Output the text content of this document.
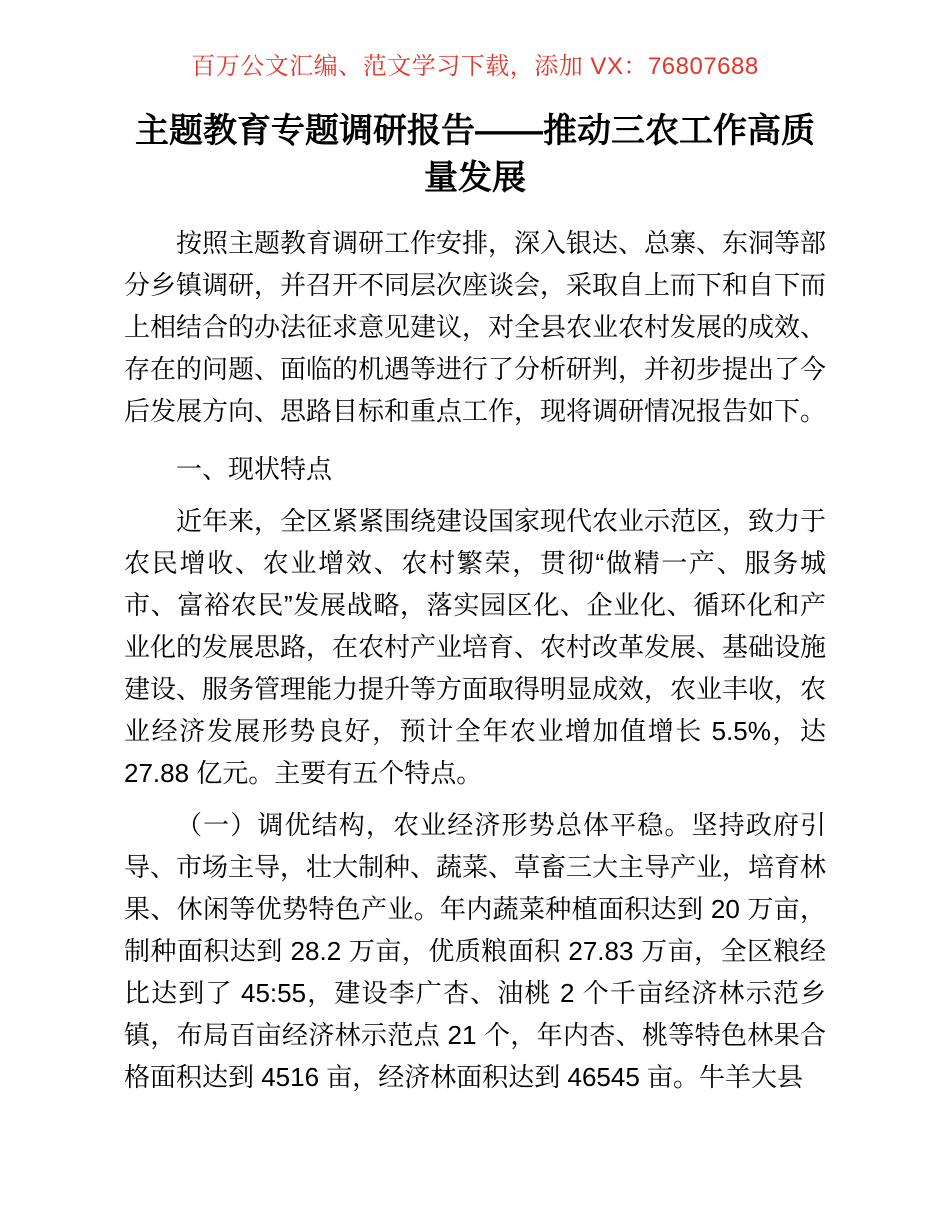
百万公文汇编、范文学习下载，添加 VX：76807688
主题教育专题调研报告——推动三农工作高质量发展

按照主题教育调研工作安排，深入银达、总寨、东洞等部分乡镇调研，并召开不同层次座谈会，采取自上而下和自下而上相结合的办法征求意见建议，对全县农业农村发展的成效、存在的问题、面临的机遇等进行了分析研判，并初步提出了今后发展方向、思路目标和重点工作，现将调研情况报告如下。

一、现状特点

近年来，全区紧紧围绕建设国家现代农业示范区，致力于农民增收、农业增效、农村繁荣，贯彻“做精一产、服务城市、富裕农民”发展战略，落实园区化、企业化、循环化和产业化的发展思路，在农村产业培育、农村改革发展、基础设施建设、服务管理能力提升等方面取得明显成效，农业丰收，农业经济发展形势良好，预计全年农业增加值增长 5.5%，达 27.88 亿元。主要有五个特点。

（一）调优结构，农业经济形势总体平稳。坚持政府引导、市场主导，壮大制种、蔬菜、草畜三大主导产业，培育林果、休闲等优势特色产业。年内蔬菜种植面积达到 20 万亩，制种面积达到 28.2 万亩，优质粮面积 27.83 万亩，全区粮经比达到了 45:55，建设李广杏、油桃 2 个千亩经济林示范乡镇，布局百亩经济林示范点 21 个，年内杏、桃等特色林果合格面积达到 4516 亩，经济林面积达到 46545 亩。牛羊大县
